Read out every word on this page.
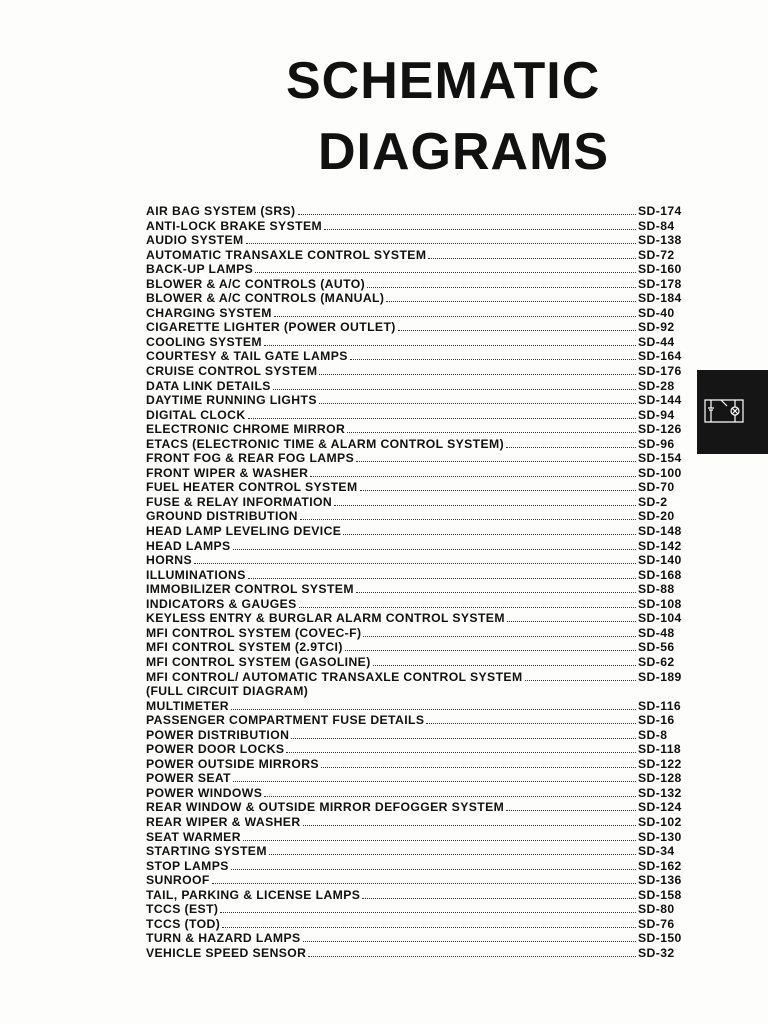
SCHEMATIC
DIAGRAMS
AIR BAG SYSTEM (SRS)	SD-174
ANTI-LOCK BRAKE SYSTEM	SD-84
AUDIO SYSTEM	SD-138
AUTOMATIC TRANSAXLE CONTROL SYSTEM	SD-72
BACK-UP LAMPS	SD-160
BLOWER & A/C CONTROLS (AUTO)	SD-178
BLOWER & A/C CONTROLS (MANUAL)	SD-184
CHARGING SYSTEM	SD-40
CIGARETTE LIGHTER (POWER OUTLET)	SD-92
COOLING SYSTEM	SD-44
COURTESY & TAIL GATE LAMPS	SD-164
CRUISE CONTROL SYSTEM	SD-176
DATA LINK DETAILS	SD-28
DAYTIME RUNNING LIGHTS	SD-144
DIGITAL CLOCK	SD-94
ELECTRONIC CHROME MIRROR	SD-126
ETACS (ELECTRONIC TIME & ALARM CONTROL SYSTEM)	SD-96
FRONT FOG & REAR FOG LAMPS	SD-154
FRONT WIPER & WASHER	SD-100
FUEL HEATER CONTROL SYSTEM	SD-70
FUSE & RELAY INFORMATION	SD-2
GROUND DISTRIBUTION	SD-20
HEAD LAMP LEVELING DEVICE	SD-148
HEAD LAMPS	SD-142
HORNS	SD-140
ILLUMINATIONS	SD-168
IMMOBILIZER CONTROL SYSTEM	SD-88
INDICATORS & GAUGES	SD-108
KEYLESS ENTRY & BURGLAR ALARM CONTROL SYSTEM	SD-104
MFI CONTROL SYSTEM (COVEC-F)	SD-48
MFI CONTROL SYSTEM (2.9TCI)	SD-56
MFI CONTROL SYSTEM (GASOLINE)	SD-62
MFI CONTROL/ AUTOMATIC TRANSAXLE CONTROL SYSTEM	SD-189
(FULL CIRCUIT DIAGRAM)
MULTIMETER	SD-116
PASSENGER COMPARTMENT FUSE DETAILS	SD-16
POWER DISTRIBUTION	SD-8
POWER DOOR LOCKS	SD-118
POWER OUTSIDE MIRRORS	SD-122
POWER SEAT	SD-128
POWER WINDOWS	SD-132
REAR WINDOW & OUTSIDE MIRROR DEFOGGER SYSTEM	SD-124
REAR WIPER & WASHER	SD-102
SEAT WARMER	SD-130
STARTING SYSTEM	SD-34
STOP LAMPS	SD-162
SUNROOF	SD-136
TAIL, PARKING & LICENSE LAMPS	SD-158
TCCS (EST)	SD-80
TCCS (TOD)	SD-76
TURN & HAZARD LAMPS	SD-150
VEHICLE SPEED SENSOR	SD-32
